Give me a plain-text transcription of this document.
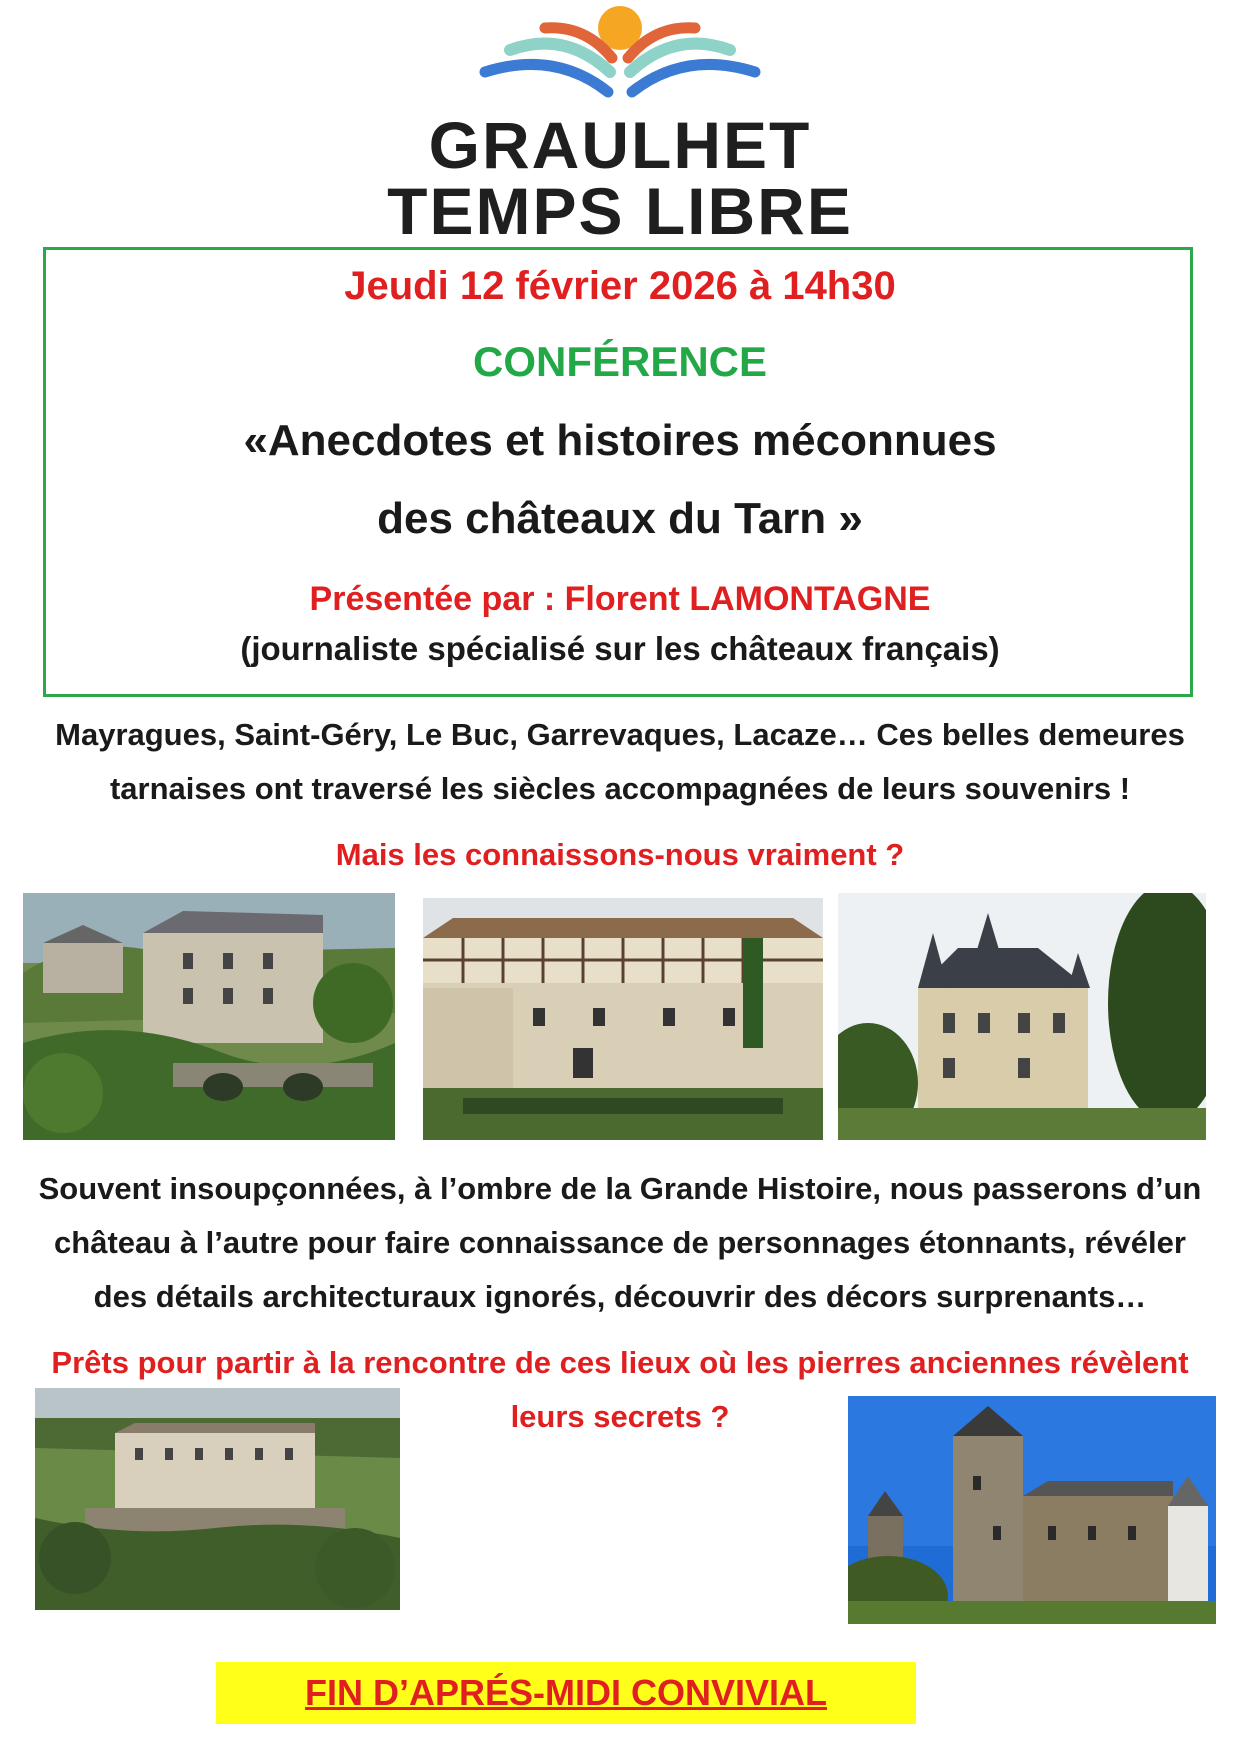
GRAULHET
TEMPS LIBRE
Jeudi 12 février 2026 à 14h30
CONFÉRENCE
«Anecdotes et histoires méconnues
des châteaux du Tarn »
Présentée par : Florent LAMONTAGNE
(journaliste spécialisé sur les châteaux français)
Mayragues, Saint-Géry, Le Buc, Garrevaques, Lacaze… Ces belles demeures
tarnaises ont traversé les siècles accompagnées de leurs souvenirs !
Mais les connaissons-nous vraiment ?
Souvent insoupçonnées, à l’ombre de la Grande Histoire, nous passerons d’un
château à l’autre pour faire connaissance de personnages étonnants, révéler
des détails architecturaux ignorés, découvrir des décors surprenants…
Prêts pour partir à la rencontre de ces lieux où les pierres anciennes révèlent
leurs secrets ?
FIN D’APRÉS-MIDI CONVIVIAL
